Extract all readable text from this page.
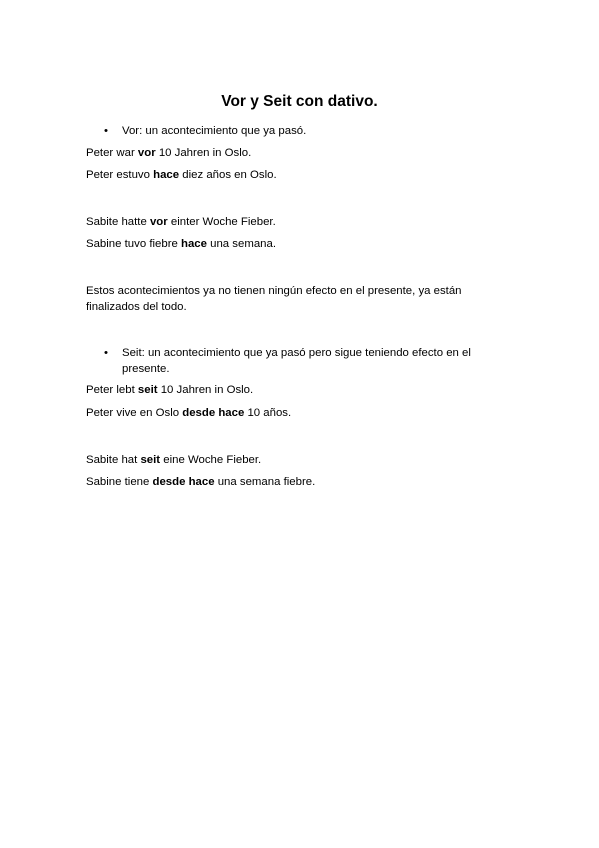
Vor y Seit con dativo.
•	Vor: un acontecimiento que ya pasó.
Peter war vor 10 Jahren in Oslo.
Peter estuvo hace diez años en Oslo.
Sabite hatte vor einter Woche Fieber.
Sabine tuvo fiebre hace una semana.
Estos acontecimientos ya no tienen ningún efecto en el presente, ya están finalizados del todo.
•	Seit: un acontecimiento que ya pasó pero sigue teniendo efecto en el presente.
Peter lebt seit 10 Jahren in Oslo.
Peter vive en Oslo desde hace 10 años.
Sabite hat seit eine Woche Fieber.
Sabine tiene desde hace una semana fiebre.
